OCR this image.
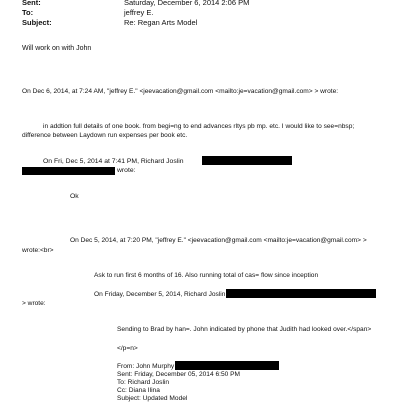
Sent:	Saturday, December 6, 2014 2:06 PM
To:	jeffrey E.
Subject:	Re: Regan Arts Model
Will work on with John
On Dec 6, 2014, at 7:24 AM, "jeffrey E." <jeevacation@gmail.com <mailto:je=vacation@gmail.com> > wrote:
in addtion full details of one book. from begi=ng to end advances rltys pb mp. etc. I would like to see=nbsp;
difference between Laydown run expenses per book etc.
On Fri, Dec 5, 2014 at 7:41 PM, Richard Joslin
wrote:
Ok
On Dec 5, 2014, at 7:20 PM, "jeffrey E." <jeevacation@gmail.com <mailto:je=vacation@gmail.com> >
wrote:<br>
Ask to run first 6 months of 16. Also running total of cas= flow since inception
On Friday, December 5, 2014, Richard Joslin
> wrote:
Sending to Brad by han=. John indicated by phone that Judith had looked over.</span>
</p=n>
From: John Murphy
Sent: Friday, December 05, 2014 6:50 PM
To: Richard Joslin
Cc: Diana Ilina
Subject: Updated Model
